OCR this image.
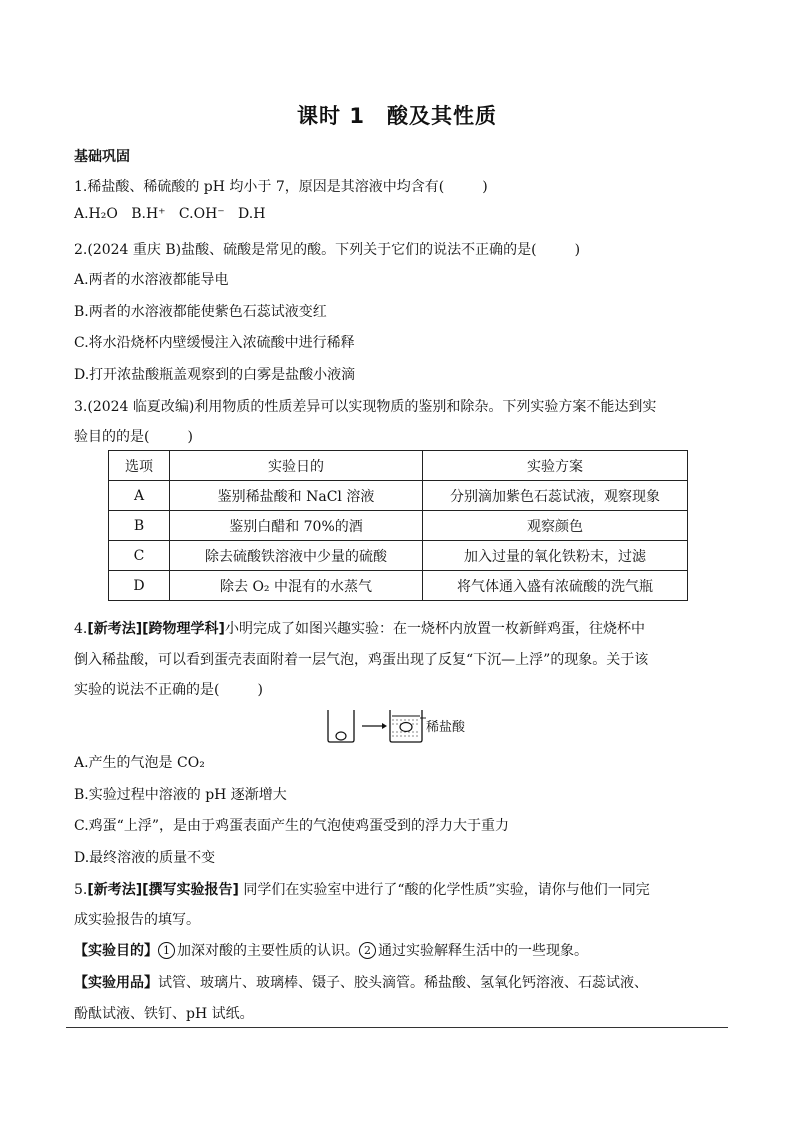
课时 1 酸及其性质
基础巩固
1.稀盐酸、稀硫酸的 pH 均小于 7，原因是其溶液中均含有(	)
A.H₂O B.H⁺ C.OH⁻ D.H
2.(2024 重庆 B)盐酸、硫酸是常见的酸。下列关于它们的说法不正确的是(	)
A.两者的水溶液都能导电
B.两者的水溶液都能使紫色石蕊试液变红
C.将水沿烧杯内壁缓慢注入浓硫酸中进行稀释
D.打开浓盐酸瓶盖观察到的白雾是盐酸小液滴
3.(2024 临夏改编)利用物质的性质差异可以实现物质的鉴别和除杂。下列实验方案不能达到实
验目的的是(	)
选项	实验日的	实验方案
A	鉴别稀盐酸和 NaCl 溶液	分别滴加紫色石蕊试液，观察现象
B	鉴别白醋和 70%的酒	观察颜色
C	除去硫酸铁溶液中少量的硫酸	加入过量的氧化铁粉末，过滤
D	除去 O₂ 中混有的水蒸气	将气体通入盛有浓硫酸的洗气瓶
4.[新考法][跨物理学科]小明完成了如图兴趣实验：在一烧杯内放置一枚新鲜鸡蛋，往烧杯中
倒入稀盐酸，可以看到蛋壳表面附着一层气泡，鸡蛋出现了反复“下沉—上浮”的现象。关于该
实验的说法不正确的是(	)
稀盐酸
A.产生的气泡是 CO₂
B.实验过程中溶液的 pH 逐渐增大
C.鸡蛋“上浮”，是由于鸡蛋表面产生的气泡使鸡蛋受到的浮力大于重力
D.最终溶液的质量不变
5.[新考法][撰写实验报告] 同学们在实验室中进行了“酸的化学性质”实验，请你与他们一同完
成实验报告的填写。
【实验目的】 1 加深对酸的主要性质的认识。 2 通过实验解释生活中的一些现象。
【实验用品】试管、玻璃片、玻璃棒、镊子、胶头滴管。稀盐酸、氢氧化钙溶液、石蕊试液、
酚酞试液、铁钉、pH 试纸。
